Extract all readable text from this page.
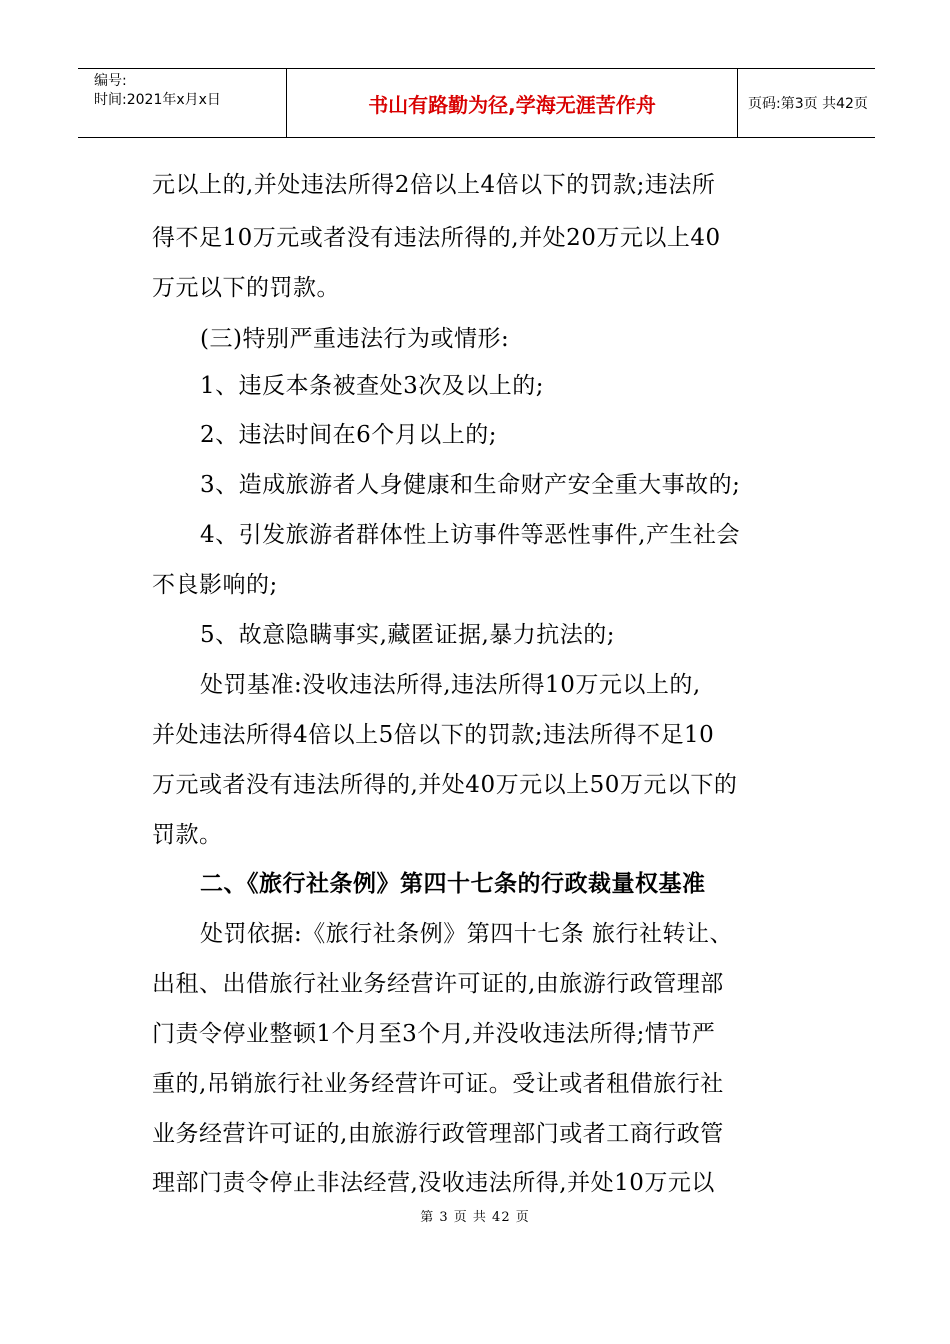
编号:
时间:2021年x月x日	书山有路勤为径,学海无涯苦作舟	页码:第3页 共42页
元以上的,并处违法所得2倍以上4倍以下的罚款;违法所
得不足10万元或者没有违法所得的,并处20万元以上40
万元以下的罚款。
(三)特别严重违法行为或情形:
1、违反本条被查处3次及以上的;
2、违法时间在6个月以上的;
3、造成旅游者人身健康和生命财产安全重大事故的;
4、引发旅游者群体性上访事件等恶性事件,产生社会
不良影响的;
5、故意隐瞒事实,藏匿证据,暴力抗法的;
处罚基准:没收违法所得,违法所得10万元以上的,
并处违法所得4倍以上5倍以下的罚款;违法所得不足10
万元或者没有违法所得的,并处40万元以上50万元以下的
罚款。
二、《旅行社条例》第四十七条的行政裁量权基准
处罚依据:《旅行社条例》第四十七条 旅行社转让、
出租、出借旅行社业务经营许可证的,由旅游行政管理部
门责令停业整顿1个月至3个月,并没收违法所得;情节严
重的,吊销旅行社业务经营许可证。受让或者租借旅行社
业务经营许可证的,由旅游行政管理部门或者工商行政管
理部门责令停止非法经营,没收违法所得,并处10万元以
第 3 页 共 42 页
